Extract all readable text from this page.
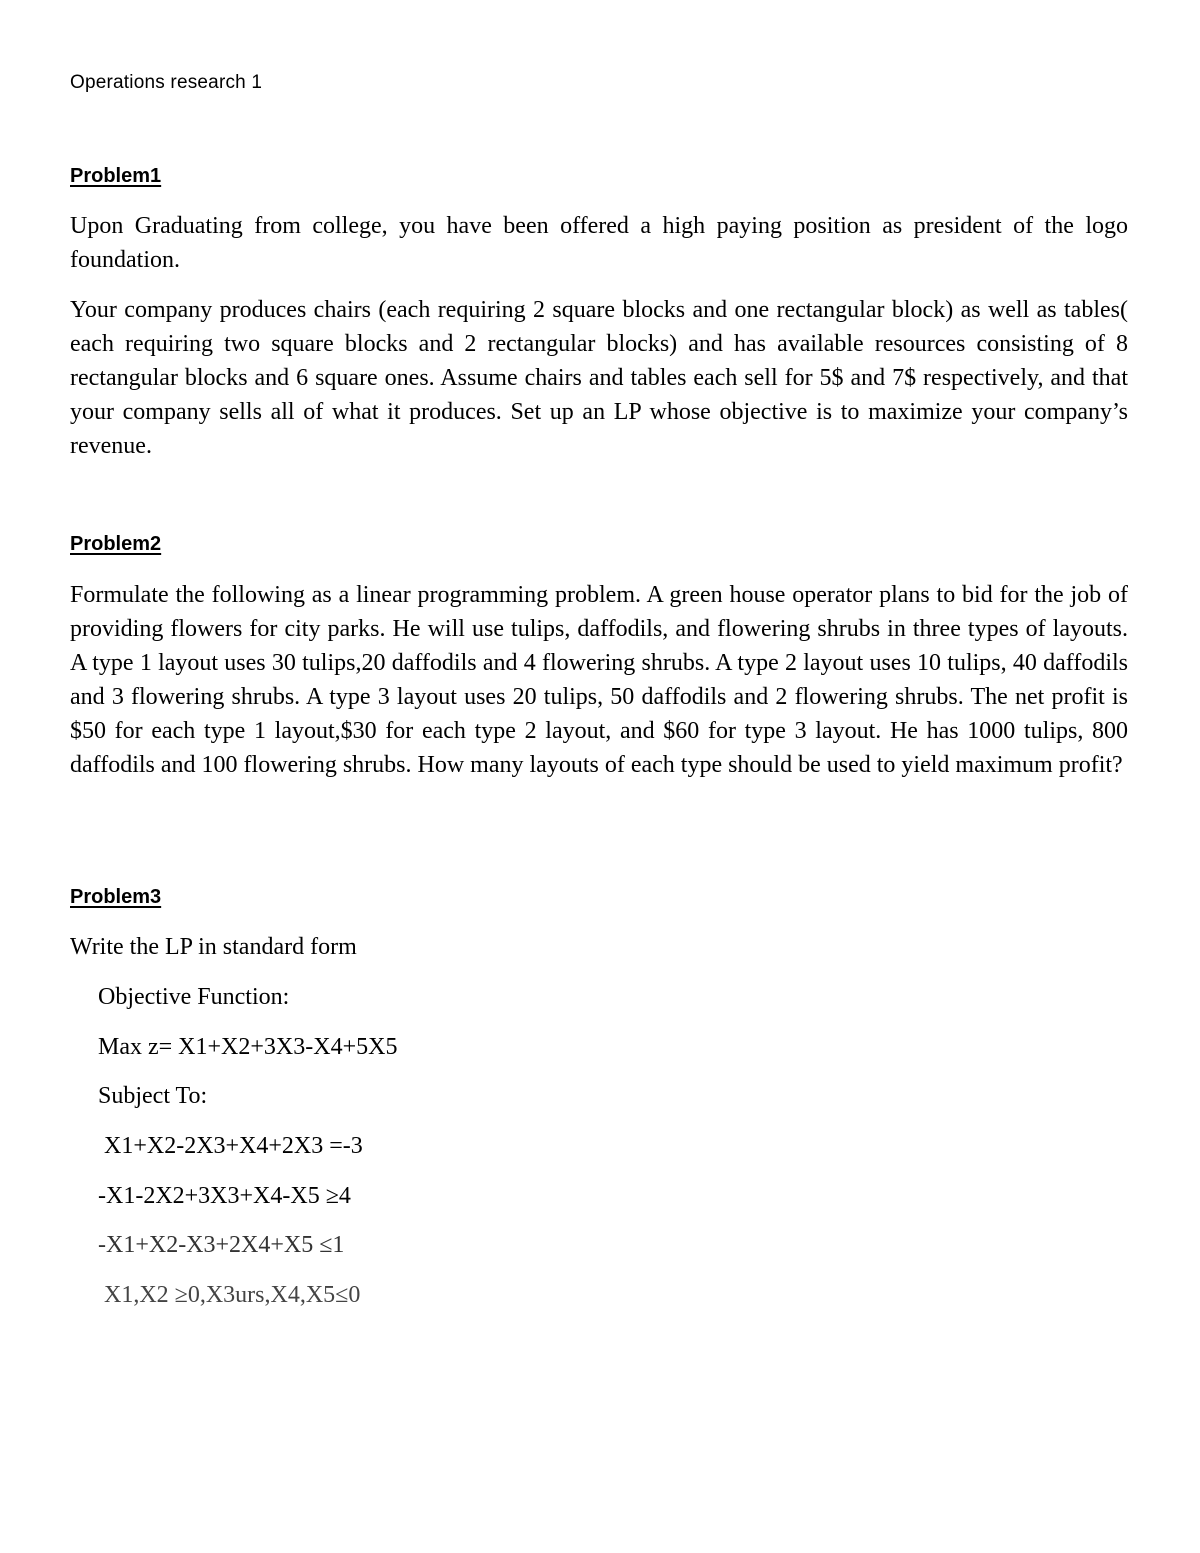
Operations research 1
Problem1
Upon Graduating from college, you have been offered a high paying position as president of the logo foundation.
Your company produces chairs (each requiring 2 square blocks and one rectangular block) as well as tables( each requiring two square blocks and 2 rectangular blocks) and has available resources consisting of 8 rectangular blocks and 6 square ones. Assume chairs and tables each sell for 5$ and 7$ respectively, and that your company sells all of what it produces. Set up an LP whose objective is to maximize your company’s revenue.
Problem2
Formulate the following as a linear programming problem. A green house operator plans to bid for the job of providing flowers for city parks. He will use tulips, daffodils, and flowering shrubs in three types of layouts. A type 1 layout uses 30 tulips,20 daffodils and 4 flowering shrubs. A type 2 layout uses 10 tulips, 40 daffodils and 3 flowering shrubs. A type 3 layout uses 20 tulips, 50 daffodils and 2 flowering shrubs. The net profit is $50 for each type 1 layout,$30 for each type 2 layout, and $60 for type 3 layout. He has 1000 tulips, 800 daffodils and 100 flowering shrubs. How many layouts of each type should be used to yield maximum profit?
Problem3
Write the LP in standard form
Objective Function:
Max z= X1+X2+3X3-X4+5X5
Subject To:
X1+X2-2X3+X4+2X3 =-3
-X1-2X2+3X3+X4-X5 ≥4
-X1+X2-X3+2X4+X5 ≤1
X1,X2 ≥0,X3urs,X4,X5≤0
